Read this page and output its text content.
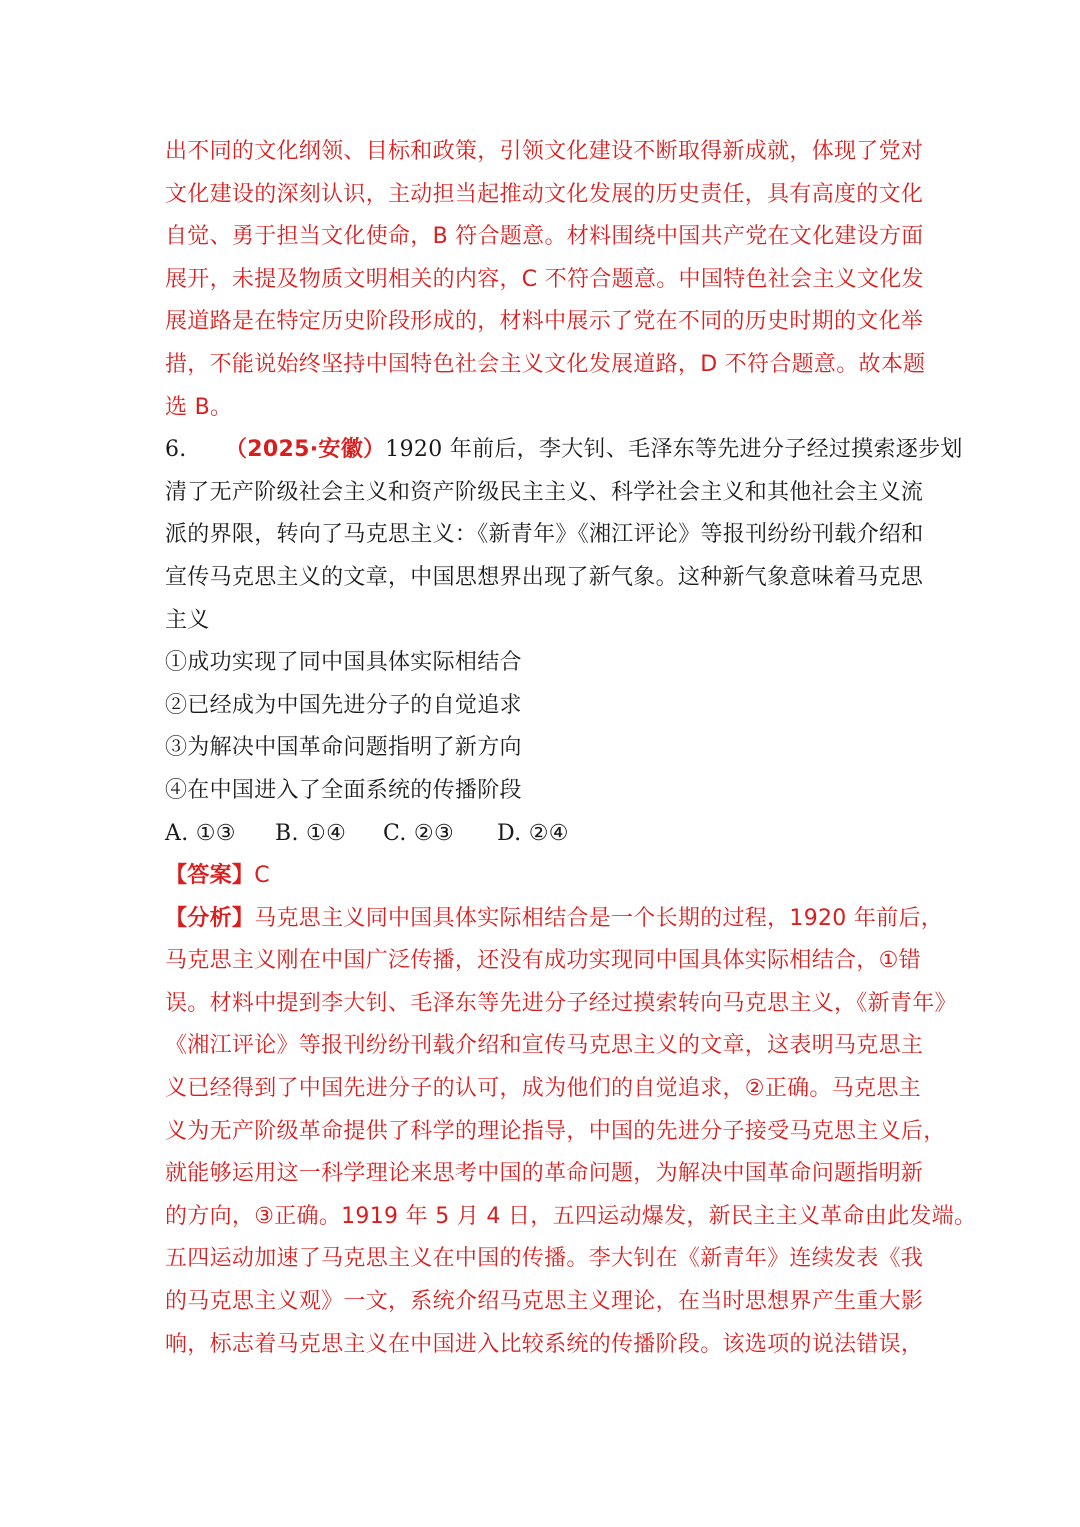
出不同的文化纲领、目标和政策，引领文化建设不断取得新成就，体现了党对
文化建设的深刻认识，主动担当起推动文化发展的历史责任，具有高度的文化
自觉、勇于担当文化使命，B 符合题意。材料围绕中国共产党在文化建设方面
展开，未提及物质文明相关的内容，C 不符合题意。中国特色社会主义文化发
展道路是在特定历史阶段形成的，材料中展示了党在不同的历史时期的文化举
措，不能说始终坚持中国特色社会主义文化发展道路，D 不符合题意。故本题
选 B。
6. （2025·安徽）1920 年前后，李大钊、毛泽东等先进分子经过摸索逐步划
清了无产阶级社会主义和资产阶级民主主义、科学社会主义和其他社会主义流
派的界限，转向了马克思主义：《新青年》《湘江评论》等报刊纷纷刊载介绍和
宣传马克思主义的文章，中国思想界出现了新气象。这种新气象意味着马克思
主义
①成功实现了同中国具体实际相结合
②已经成为中国先进分子的自觉追求
③为解决中国革命问题指明了新方向
④在中国进入了全面系统的传播阶段
A. ①③ B. ①④ C. ②③ D. ②④
【答案】C
【分析】马克思主义同中国具体实际相结合是一个长期的过程，1920 年前后，
马克思主义刚在中国广泛传播，还没有成功实现同中国具体实际相结合，①错
误。材料中提到李大钊、毛泽东等先进分子经过摸索转向马克思主义，《新青年》
《湘江评论》等报刊纷纷刊载介绍和宣传马克思主义的文章，这表明马克思主
义已经得到了中国先进分子的认可，成为他们的自觉追求，②正确。马克思主
义为无产阶级革命提供了科学的理论指导，中国的先进分子接受马克思主义后，
就能够运用这一科学理论来思考中国的革命问题，为解决中国革命问题指明新
的方向，③正确。1919 年 5 月 4 日，五四运动爆发，新民主主义革命由此发端。
五四运动加速了马克思主义在中国的传播。李大钊在《新青年》连续发表《我
的马克思主义观》一文，系统介绍马克思主义理论，在当时思想界产生重大影
响，标志着马克思主义在中国进入比较系统的传播阶段。该选项的说法错误，
